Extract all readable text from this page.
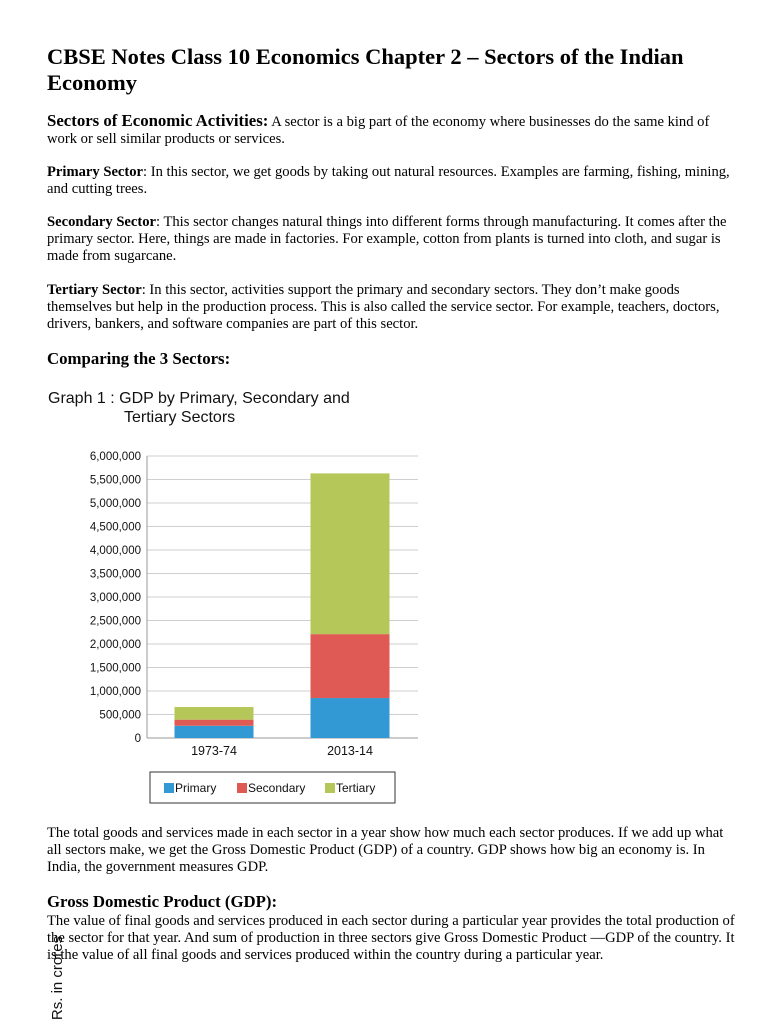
CBSE Notes Class 10 Economics Chapter 2 – Sectors of the Indian Economy

Sectors of Economic Activities: A sector is a big part of the economy where businesses do the same kind of work or sell similar products or services.

Primary Sector: In this sector, we get goods by taking out natural resources. Examples are farming, fishing, mining, and cutting trees.

Secondary Sector: This sector changes natural things into different forms through manufacturing. It comes after the primary sector. Here, things are made in factories. For example, cotton from plants is turned into cloth, and sugar is made from sugarcane.

Tertiary Sector: In this sector, activities support the primary and secondary sectors. They don’t make goods themselves but help in the production process. This is also called the service sector. For example, teachers, doctors, drivers, bankers, and software companies are part of this sector.

Comparing the 3 Sectors:
Graph 1 : GDP by Primary, Secondary and
Tertiary Sectors
0
500,000
1,000,000
1,500,000
2,000,000
2,500,000
3,000,000
3,500,000
4,000,000
4,500,000
5,000,000
5,500,000
6,000,000
1973-74	2013-14
Rs. in crores
Primary	Secondary	Tertiary

The total goods and services made in each sector in a year show how much each sector produces. If we add up what all sectors make, we get the Gross Domestic Product (GDP) of a country. GDP shows how big an economy is. In India, the government measures GDP.

Gross Domestic Product (GDP):

The value of final goods and services produced in each sector during a particular year provides the total production of the sector for that year. And sum of production in three sectors give Gross Domestic Product —GDP of the country. It is the value of all final goods and services produced within the country during a particular year.
